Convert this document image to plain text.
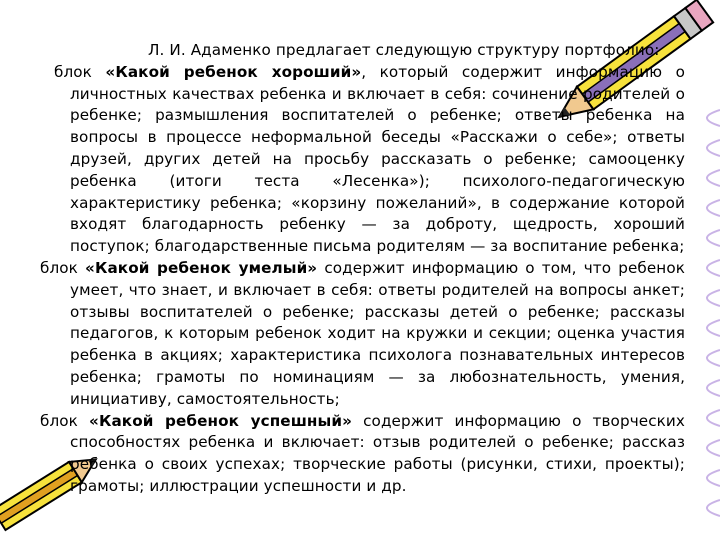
Л. И. Адаменко предлагает следующую структуру портфолио:

блок «Какой ребенок хороший», который содержит информацию о личностных качествах ребенка и включает в себя: сочинение родителей о ребенке; размышления воспитателей о ребенке; ответы ребенка на вопросы в процессе неформальной беседы «Расскажи о себе»; ответы друзей, других детей на просьбу рассказать о ребенке; самооценку ребенка (итоги теста «Лесенка»); психолого-педагогическую характеристику ребенка; «корзину пожеланий», в содержание которой входят благодарность ребенку — за доброту, щедрость, хороший поступок; благодарственные письма родителям — за воспитание ребенка;

блок «Какой ребенок умелый» содержит информацию о том, что ребенок умеет, что знает, и включает в себя: ответы родителей на вопросы анкет; отзывы воспитателей о ребенке; рассказы детей о ребенке; рассказы педагогов, к которым ребенок ходит на кружки и секции; оценка участия ребенка в акциях; характеристика психолога познавательных интересов ребенка; грамоты по номинациям — за любознательность, умения, инициативу, самостоятельность;

блок «Какой ребенок успешный» содержит информацию о творческих способностях ребенка и включает: отзыв родителей о ребенке; рассказ ребенка о своих успехах; творческие работы (рисунки, стихи, проекты); грамоты; иллюстрации успешности и др.
